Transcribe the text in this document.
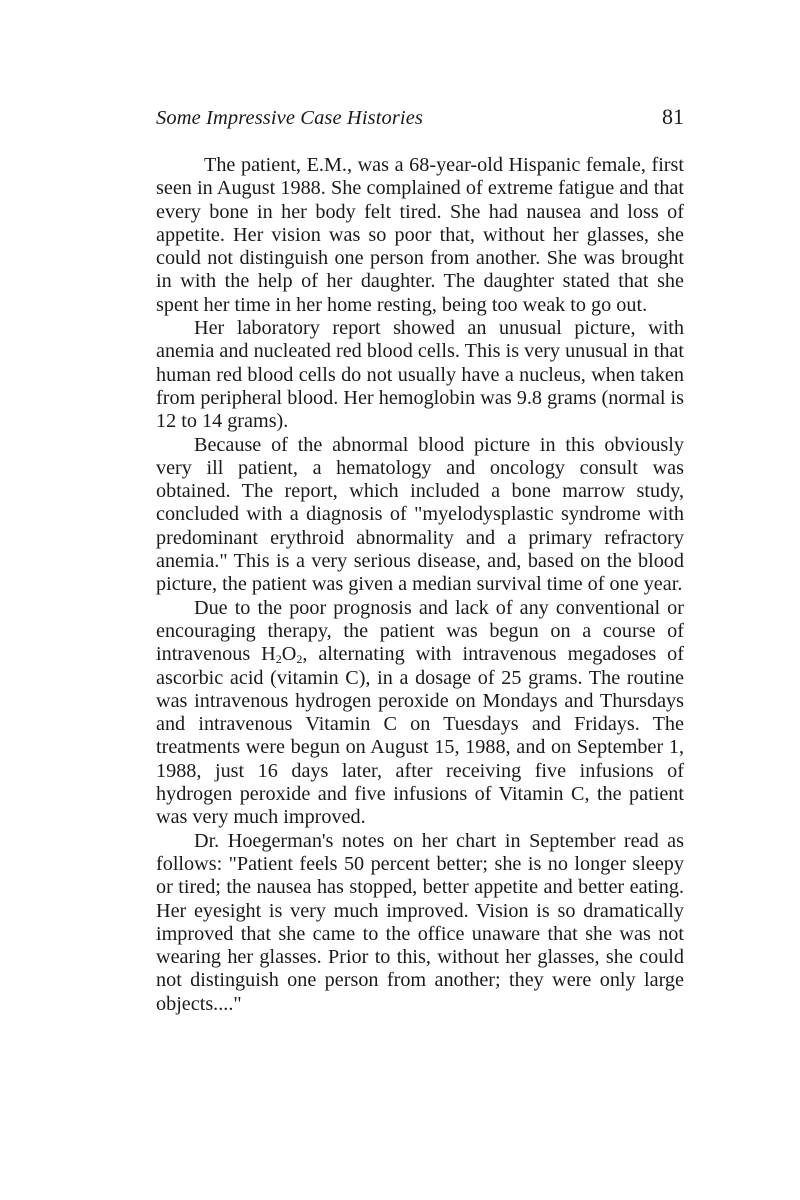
Some Impressive Case Histories	81

The patient, E.M., was a 68-year-old Hispanic female, first seen in August 1988. She complained of extreme fatigue and that every bone in her body felt tired. She had nausea and loss of appetite. Her vision was so poor that, without her glasses, she could not distinguish one person from another. She was brought in with the help of her daughter. The daughter stated that she spent her time in her home resting, being too weak to go out.

Her laboratory report showed an unusual picture, with anemia and nucleated red blood cells. This is very unusual in that human red blood cells do not usually have a nucleus, when taken from peripheral blood. Her hemoglobin was 9.8 grams (normal is 12 to 14 grams).

Because of the abnormal blood picture in this obviously very ill patient, a hematology and oncology consult was obtained. The report, which included a bone marrow study, concluded with a diagnosis of "myelodysplastic syndrome with predominant erythroid abnormality and a primary refractory anemia." This is a very serious disease, and, based on the blood picture, the patient was given a median survival time of one year.

Due to the poor prognosis and lack of any conventional or encouraging therapy, the patient was begun on a course of intravenous $H_2O_2$, alternating with intravenous megadoses of ascorbic acid (vitamin C), in a dosage of 25 grams. The routine was intravenous hydrogen peroxide on Mondays and Thursdays and intravenous Vitamin C on Tuesdays and Fridays. The treatments were begun on August 15, 1988, and on September 1, 1988, just 16 days later, after receiving five infusions of hydrogen peroxide and five infusions of Vitamin C, the patient was very much improved.

Dr. Hoegerman's notes on her chart in September read as follows: "Patient feels 50 percent better; she is no longer sleepy or tired; the nausea has stopped, better appetite and better eating. Her eyesight is very much improved. Vision is so dramatically improved that she came to the office unaware that she was not wearing her glasses. Prior to this, without her glasses, she could not distinguish one person from another; they were only large objects...."
